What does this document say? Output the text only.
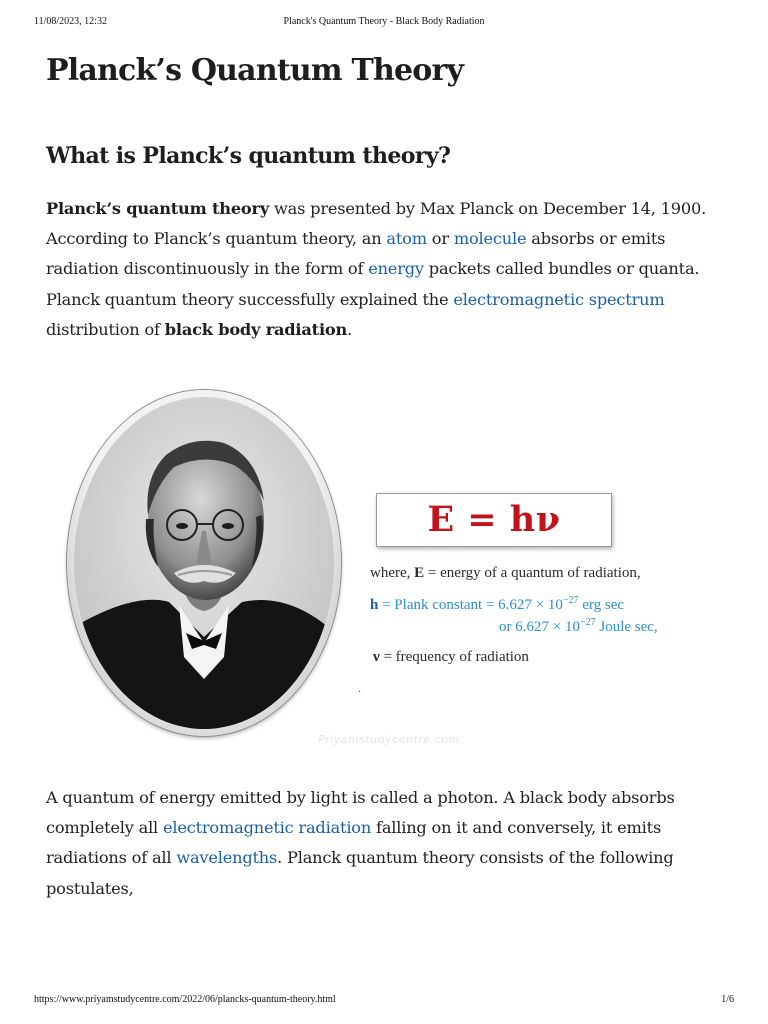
11/08/2023, 12:32	Planck's Quantum Theory - Black Body Radiation
Planck’s Quantum Theory
What is Planck’s quantum theory?

Planck’s quantum theory was presented by Max Planck on December 14, 1900. According to Planck’s quantum theory, an atom or molecule absorbs or emits radiation discontinuously in the form of energy packets called bundles or quanta. Planck quantum theory successfully explained the electromagnetic spectrum distribution of black body radiation.

Priyamstudycentre.com
.
E = hν
where, E = energy of a quantum of radiation,
h = Plank constant = $6.627 \times 10^{-27}$ erg sec
or $6.627 \times 10^{-27}$ Joule sec,
ν = frequency of radiation

A quantum of energy emitted by light is called a photon. A black body absorbs completely all electromagnetic radiation falling on it and conversely, it emits radiations of all wavelengths. Planck quantum theory consists of the following postulates,

https://www.priyamstudycentre.com/2022/06/plancks-quantum-theory.html	1/6
